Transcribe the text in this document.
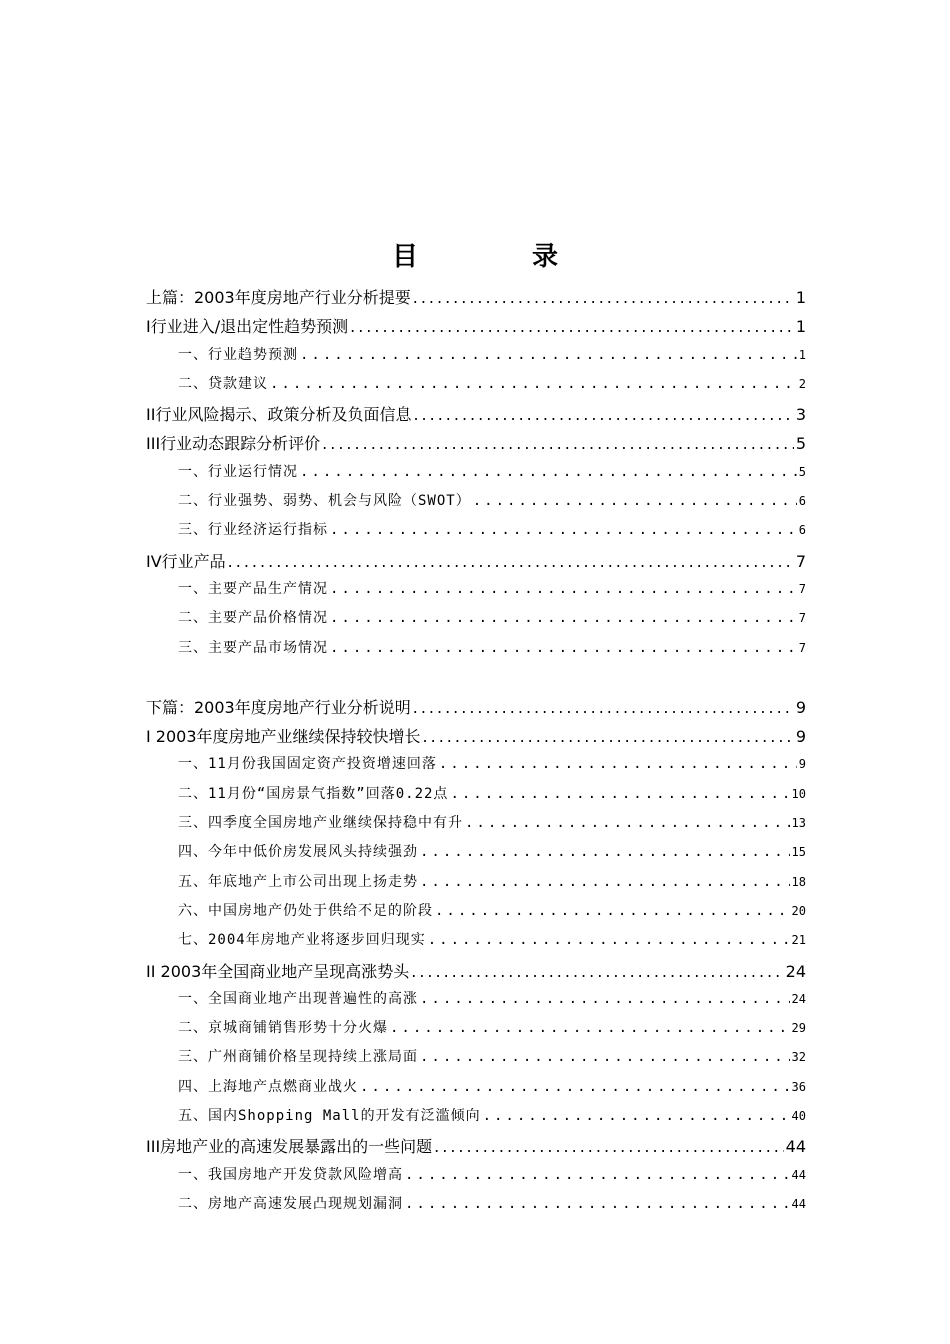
目　录
上篇：2003年度房地产行业分析提要 .....	1
I行业进入/退出定性趋势预测 .....	1
一、行业趋势预测 .....	1
二、贷款建议 .....	2
II行业风险揭示、政策分析及负面信息 .....	3
III行业动态跟踪分析评价 .....	5
一、行业运行情况 .....	5
二、行业强势、弱势、机会与风险（SWOT） .....	6
三、行业经济运行指标 .....	6
IV行业产品 .....	7
一、主要产品生产情况 .....	7
二、主要产品价格情况 .....	7
三、主要产品市场情况 .....	7
下篇：2003年度房地产行业分析说明 .....	9
I 2003年度房地产业继续保持较快增长 .....	9
一、11月份我国固定资产投资增速回落 .....	9
二、11月份“国房景气指数”回落0.22点 .....	10
三、四季度全国房地产业继续保持稳中有升 .....	13
四、今年中低价房发展风头持续强劲 .....	15
五、年底地产上市公司出现上扬走势 .....	18
六、中国房地产仍处于供给不足的阶段 .....	20
七、2004年房地产业将逐步回归现实 .....	21
II 2003年全国商业地产呈现高涨势头 .....	24
一、全国商业地产出现普遍性的高涨 .....	24
二、京城商铺销售形势十分火爆 .....	29
三、广州商铺价格呈现持续上涨局面 .....	32
四、上海地产点燃商业战火 .....	36
五、国内Shopping Mall的开发有泛滥倾向 .....	40
III房地产业的高速发展暴露出的一些问题 .....	44
一、我国房地产开发贷款风险增高 .....	44
二、房地产高速发展凸现规划漏洞 .....	44
